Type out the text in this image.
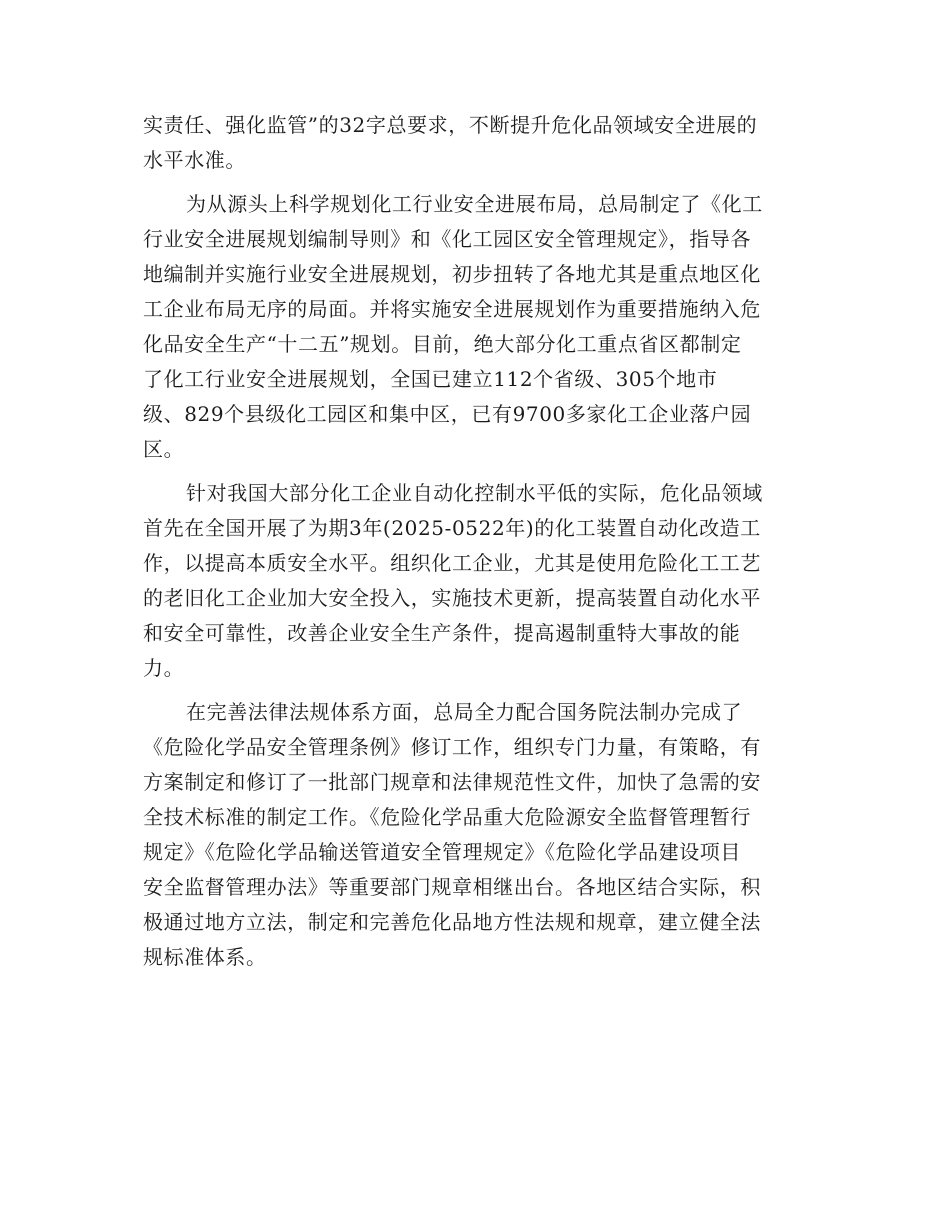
实责任、强化监管”的32字总要求，不断提升危化品领域安全进展的
水平水准。
为从源头上科学规划化工行业安全进展布局，总局制定了《化工
行业安全进展规划编制导则》和《化工园区安全管理规定》，指导各
地编制并实施行业安全进展规划，初步扭转了各地尤其是重点地区化
工企业布局无序的局面。并将实施安全进展规划作为重要措施纳入危
化品安全生产“十二五”规划。目前，绝大部分化工重点省区都制定
了化工行业安全进展规划，全国已建立112个省级、305个地市
级、829个县级化工园区和集中区，已有9700多家化工企业落户园
区。
针对我国大部分化工企业自动化控制水平低的实际，危化品领域
首先在全国开展了为期3年(2025-0522年)的化工装置自动化改造工
作，以提高本质安全水平。组织化工企业，尤其是使用危险化工工艺
的老旧化工企业加大安全投入，实施技术更新，提高装置自动化水平
和安全可靠性，改善企业安全生产条件，提高遏制重特大事故的能
力。
在完善法律法规体系方面，总局全力配合国务院法制办完成了
《危险化学品安全管理条例》修订工作，组织专门力量，有策略，有
方案制定和修订了一批部门规章和法律规范性文件，加快了急需的安
全技术标准的制定工作。《危险化学品重大危险源安全监督管理暂行
规定》《危险化学品输送管道安全管理规定》《危险化学品建设项目
安全监督管理办法》等重要部门规章相继出台。各地区结合实际，积
极通过地方立法，制定和完善危化品地方性法规和规章，建立健全法
规标准体系。
